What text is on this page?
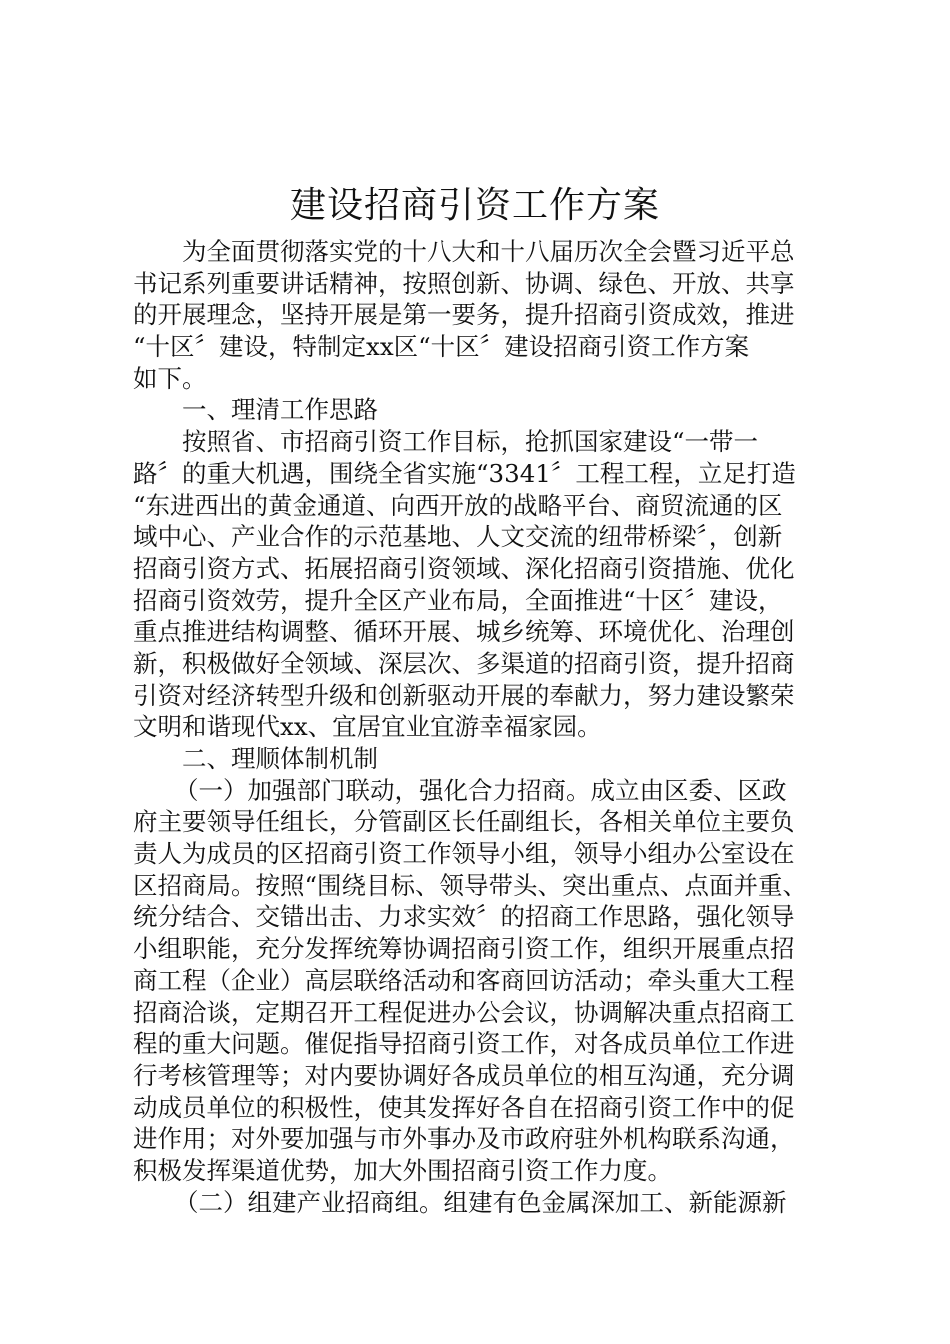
建设招商引资工作方案
为全面贯彻落实党的十八大和十八届历次全会暨习近平总
书记系列重要讲话精神，按照创新、协调、绿色、开放、共享
的开展理念，坚持开展是第一要务，提升招商引资成效，推进
“十区〞建设，特制定xx区“十区〞建设招商引资工作方案
如下。
一、理清工作思路
按照省、市招商引资工作目标，抢抓国家建设“一带一
路〞的重大机遇，围绕全省实施“3341〞工程工程，立足打造
“东进西出的黄金通道、向西开放的战略平台、商贸流通的区
域中心、产业合作的示范基地、人文交流的纽带桥梁〞，创新
招商引资方式、拓展招商引资领域、深化招商引资措施、优化
招商引资效劳，提升全区产业布局，全面推进“十区〞建设，
重点推进结构调整、循环开展、城乡统筹、环境优化、治理创
新，积极做好全领域、深层次、多渠道的招商引资，提升招商
引资对经济转型升级和创新驱动开展的奉献力，努力建设繁荣
文明和谐现代xx、宜居宜业宜游幸福家园。
二、理顺体制机制
（一）加强部门联动，强化合力招商。成立由区委、区政
府主要领导任组长，分管副区长任副组长，各相关单位主要负
责人为成员的区招商引资工作领导小组，领导小组办公室设在
区招商局。按照“围绕目标、领导带头、突出重点、点面并重、
统分结合、交错出击、力求实效〞的招商工作思路，强化领导
小组职能，充分发挥统筹协调招商引资工作，组织开展重点招
商工程（企业）高层联络活动和客商回访活动；牵头重大工程
招商洽谈，定期召开工程促进办公会议，协调解决重点招商工
程的重大问题。催促指导招商引资工作，对各成员单位工作进
行考核管理等；对内要协调好各成员单位的相互沟通，充分调
动成员单位的积极性，使其发挥好各自在招商引资工作中的促
进作用；对外要加强与市外事办及市政府驻外机构联系沟通，
积极发挥渠道优势，加大外围招商引资工作力度。
（二）组建产业招商组。组建有色金属深加工、新能源新
